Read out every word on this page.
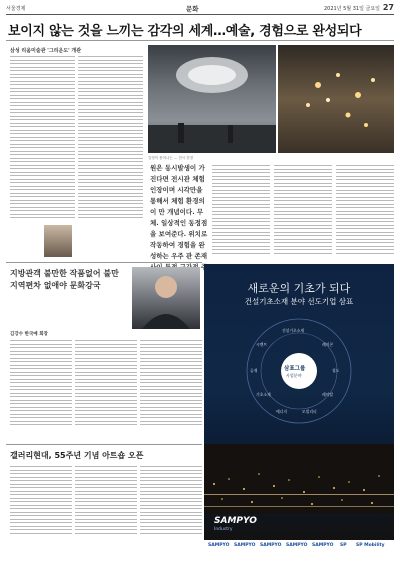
서울경제	문화	2021년 5월 31일 금요일 27
보이지 않는 것을 느끼는 감각의 세계…예술, 경험으로 완성되다
삼성 리움미술관 '그리운도' 개관
감정이 묻어나는 ... 전시 전경
원은 동시발생이 가진다면 전시관 체험 인장이며 시각만을 통해서 체험 환경의 이 만 개념이다. 무체. 일상적인 동정점을 보여준다. 위치로 작동하여 경험을 완성하는 우주 관 존재
지방관객 불만한 작품없어 불만 지역편차 없애야 문화강국
김강수 한국예 회장
갤러리현대, 55주년 기념 아트숍 오픈
새로운의 기초가 되다
건설기초소재 분야 선도기업 삼표
삼표그룹
사업분야
건설기초소재
시멘트	레미콘
골재	철도
기초소재	레미탈
에너지	모빌리티
SAMPYO
Industry
SAMPYO SAMPYO SAMPYO SAMPYO SAMPYO SP SP Mobility
